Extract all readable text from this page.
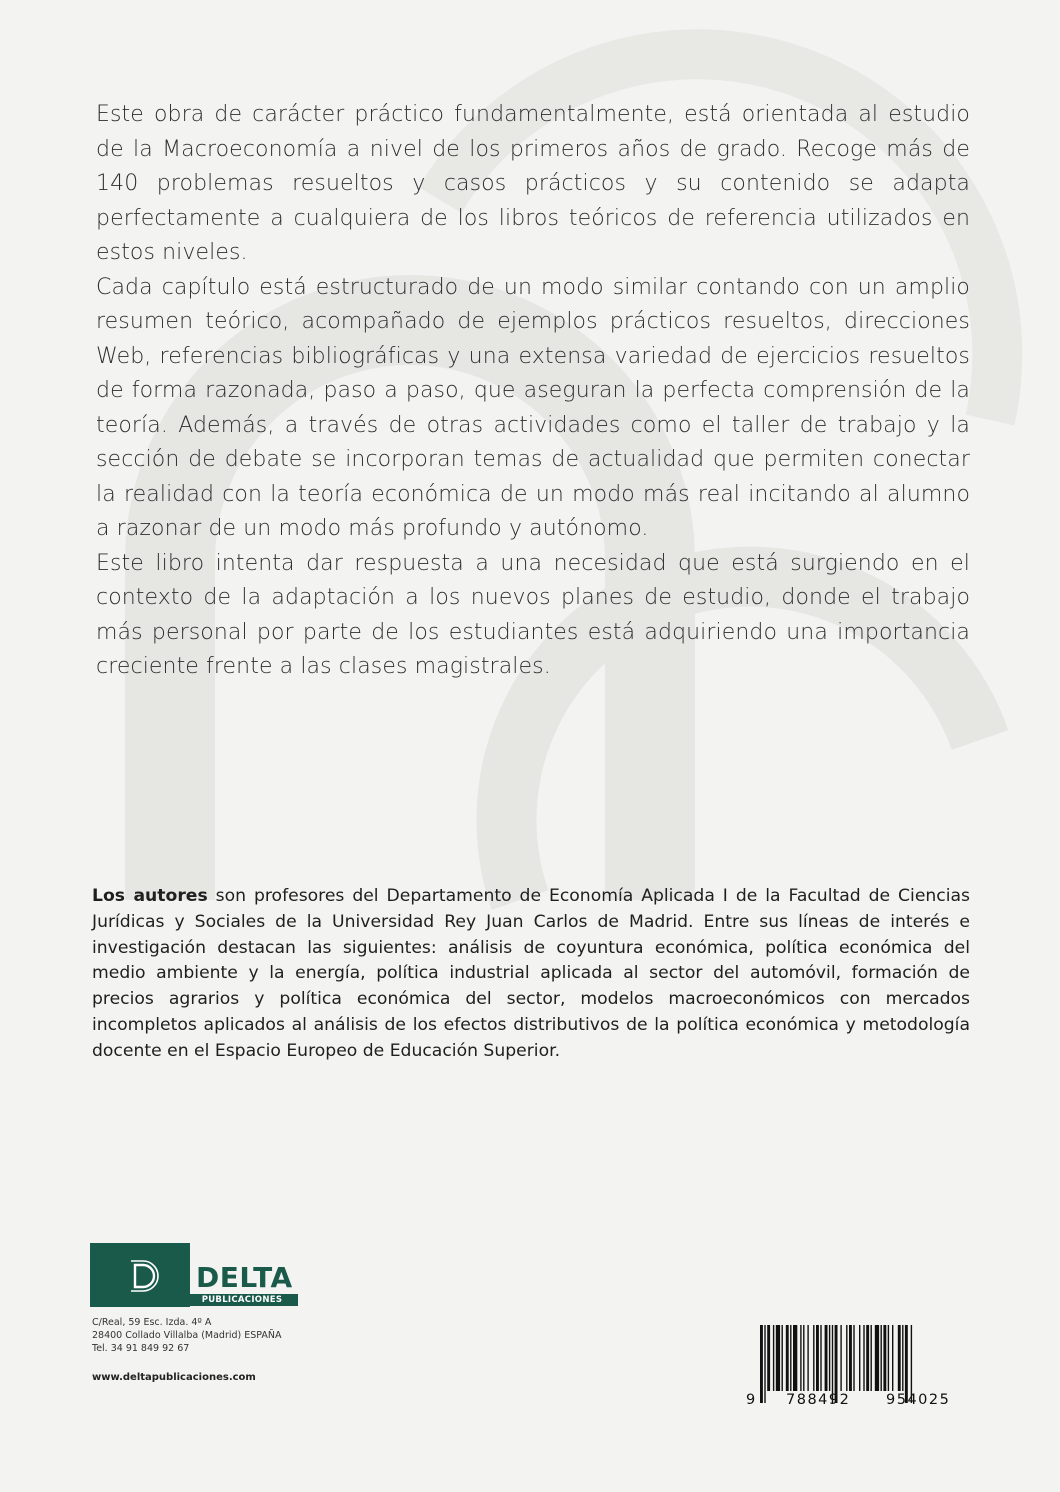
Este obra de carácter práctico fundamentalmente, está orientada al estudio de la Macroeconomía a nivel de los primeros años de grado. Recoge más de 140 problemas resueltos y casos prácticos y su contenido se adapta perfectamente a cualquiera de los libros teóricos de referencia utilizados en estos niveles.

Cada capítulo está estructurado de un modo similar contando con un amplio resumen teórico, acompañado de ejemplos prácticos resueltos, direcciones Web, referencias bibliográficas y una extensa variedad de ejercicios resueltos de forma razonada, paso a paso, que aseguran la perfecta comprensión de la teoría. Además, a través de otras actividades como el taller de trabajo y la sección de debate se incorporan temas de actualidad que permiten conectar la realidad con la teoría económica de un modo más real incitando al alumno a razonar de un modo más profundo y autónomo.

Este libro intenta dar respuesta a una necesidad que está surgiendo en el contexto de la adaptación a los nuevos planes de estudio, donde el trabajo más personal por parte de los estudiantes está adquiriendo una importancia creciente frente a las clases magistrales.

Los autores son profesores del Departamento de Economía Aplicada I de la Facultad de Ciencias Jurídicas y Sociales de la Universidad Rey Juan Carlos de Madrid. Entre sus líneas de interés e investigación destacan las siguientes: análisis de coyuntura económica, política económica del medio ambiente y la energía, política industrial aplicada al sector del automóvil, formación de precios agrarios y política económica del sector, modelos macroeconómicos con mercados incompletos aplicados al análisis de los efectos distributivos de la política económica y metodología docente en el Espacio Europeo de Educación Superior.

DELTA
PUBLICACIONES
C/Real, 59 Esc. Izda. 4º A
28400 Collado Villalba (Madrid) ESPAÑA
Tel. 34 91 849 92 67
www.deltapublicaciones.com
9 788492 954025
